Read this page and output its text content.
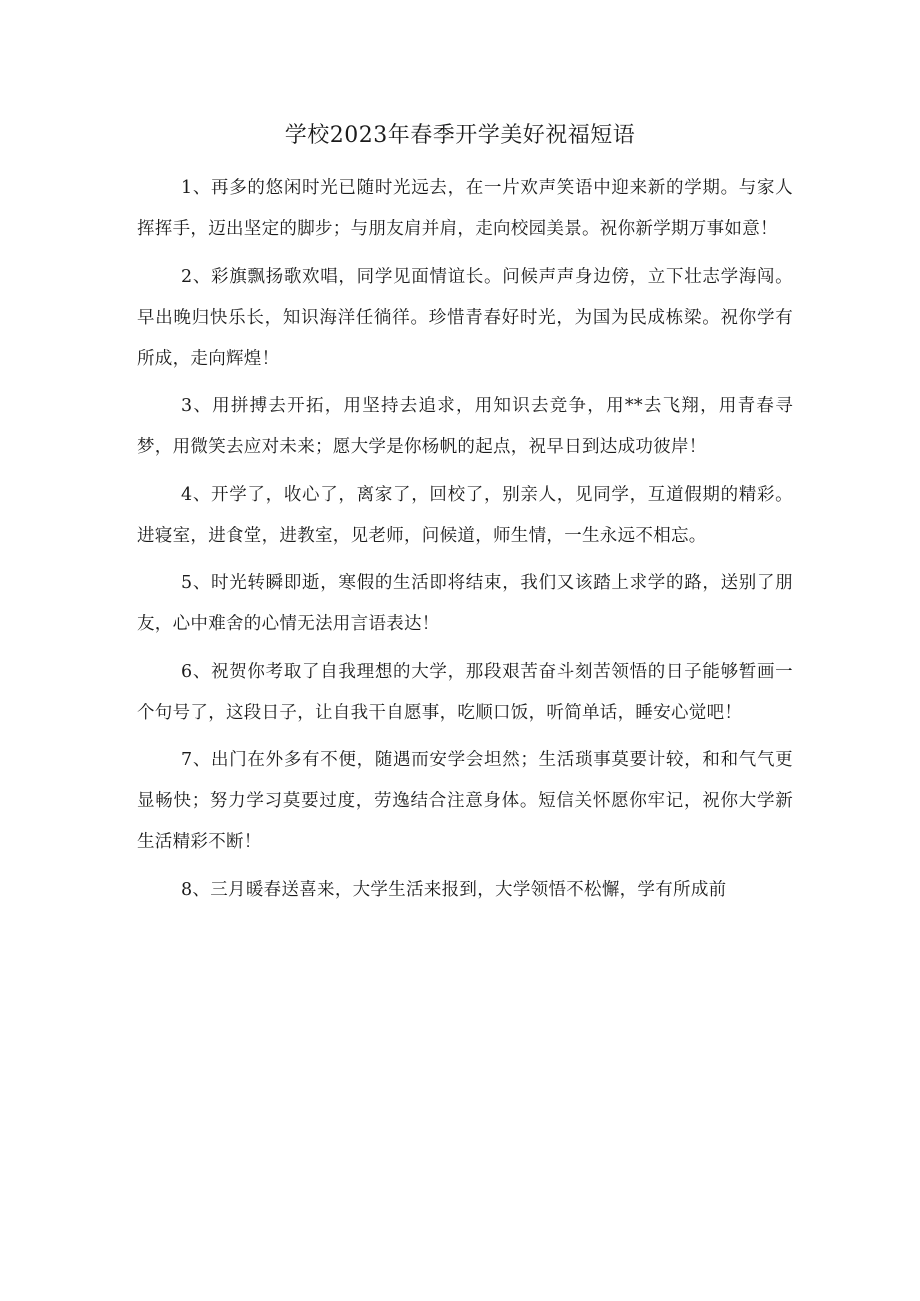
学校2023年春季开学美好祝福短语

1、再多的悠闲时光已随时光远去，在一片欢声笑语中迎来新的学期。与家人挥挥手，迈出坚定的脚步；与朋友肩并肩，走向校园美景。祝你新学期万事如意！

2、彩旗飘扬歌欢唱，同学见面情谊长。问候声声身边傍，立下壮志学海闯。早出晚归快乐长，知识海洋任徜徉。珍惜青春好时光，为国为民成栋梁。祝你学有所成，走向辉煌！

3、用拼搏去开拓，用坚持去追求，用知识去竞争，用**去飞翔，用青春寻梦，用微笑去应对未来；愿大学是你杨帆的起点，祝早日到达成功彼岸！

4、开学了，收心了，离家了，回校了，别亲人，见同学，互道假期的精彩。进寝室，进食堂，进教室，见老师，问候道，师生情，一生永远不相忘。

5、时光转瞬即逝，寒假的生活即将结束，我们又该踏上求学的路，送别了朋友，心中难舍的心情无法用言语表达！

6、祝贺你考取了自我理想的大学，那段艰苦奋斗刻苦领悟的日子能够暂画一个句号了，这段日子，让自我干自愿事，吃顺口饭，听简单话，睡安心觉吧！

7、出门在外多有不便，随遇而安学会坦然；生活琐事莫要计较，和和气气更显畅快；努力学习莫要过度，劳逸结合注意身体。短信关怀愿你牢记，祝你大学新生活精彩不断！

8、三月暖春送喜来，大学生活来报到，大学领悟不松懈，学有所成前
